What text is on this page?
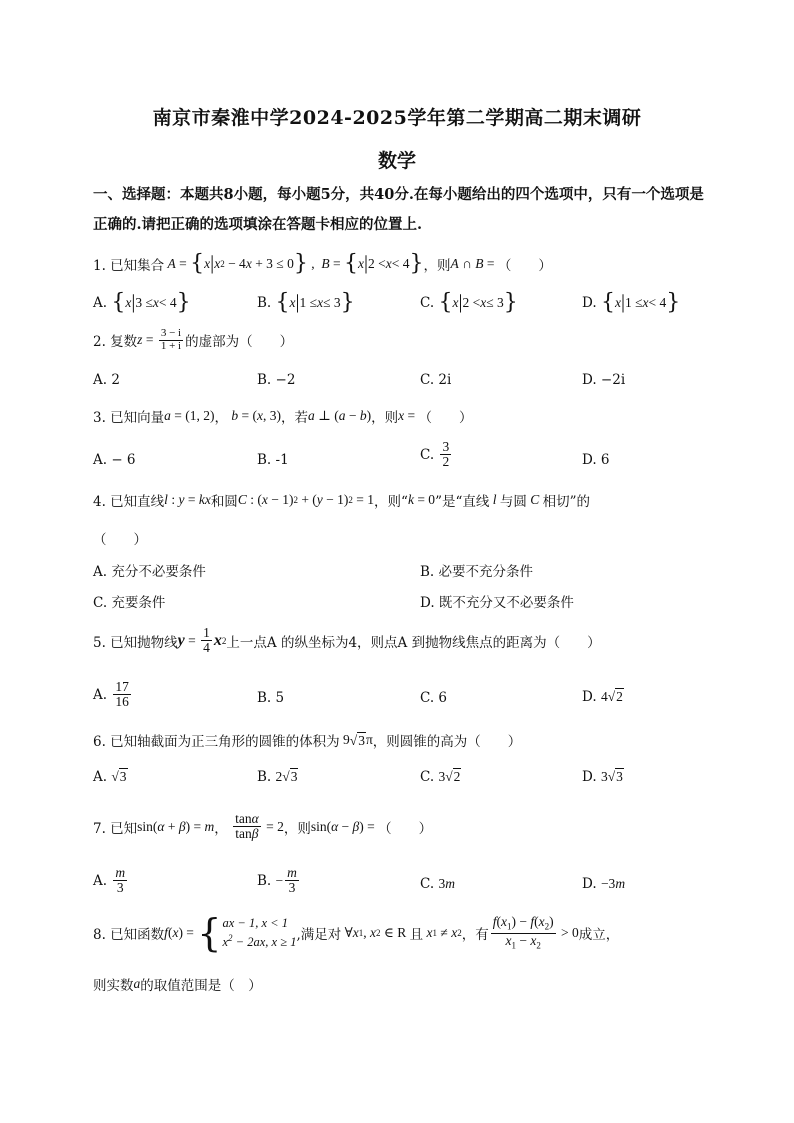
南京市秦淮中学2024-2025学年第二学期高二期末调研
数学
一、选择题：本题共8小题，每小题5分，共40分.在每小题给出的四个选项中，只有一个选项是正确的.请把正确的选项填涂在答题卡相应的位置上.
1. 已知集合 A = { x | x 2 − 4 x + 3 ≤ 0 } , B = { x | 2 < x < 4 } ，则 A ∩ B = （　　）
A.
{ x | 3 ≤ x < 4 }	B.
{ x | 1 ≤ x ≤ 3 }	C.
{ x | 2 < x ≤ 3 }	D.
{ x | 1 ≤ x < 4 }
2. 复数 $z = \frac{3 - i}{1 + i}$ 的虚部为（　　）
A. 2	B. −2	C. 2i	D. −2i
3. 已知向量 a = (1, 2) ， b = ( x , 3) ，若 a ⊥ ( a − b ) ，则 x = （　　）
A. − 6	B. -1	C.
$\frac{3}{2}$	D. 6
4. 已知直线 l : y = kx 和圆 C : ( x − 1) 2 + ( y − 1) 2 = 1 ，则“ k = 0 ”是“直线 l 与圆 C 相切”的
（　　）
A. 充分不必要条件	B. 必要不充分条件
C. 充要条件	D. 既不充分又不必要条件
5. 已知抛物线 $y = \frac{1}{4}$ x 2 上一点A 的纵坐标为4，则点A 到抛物线焦点的距离为（　　）
A.
$\frac{17}{16}$	B. 5	C. 6	D.
4 √ 2
6. 已知轴截面为正三角形的圆锥的体积为 9 √ 3 π ，则圆锥的高为（　　）
A.
√ 3	B.
2 √ 3	C.
3 √ 2	D.
3 √ 3
7. 已知 sin( α + β ) = m ， $\frac{\tan\alpha}{\tan\beta} = 2$ ，则 sin( α − β ) = （　　）
A.
$\frac{m}{3}$	B.
− $\frac{m}{3}$	C.
3 m	D.
−3 m
8. 已知函数 f ( x ) = { ax − 1, x < 1
$x^2 - 2ax$, x ≥ 1 ,满足对 ∀ x 1 , x 2 ∈ R 且
x 1 ≠ x 2 ，有 $\frac{f(x_1) - f(x_2)}{x_1 - x_2} > 0$ 成立，
则实数 a 的取值范围是（　）
